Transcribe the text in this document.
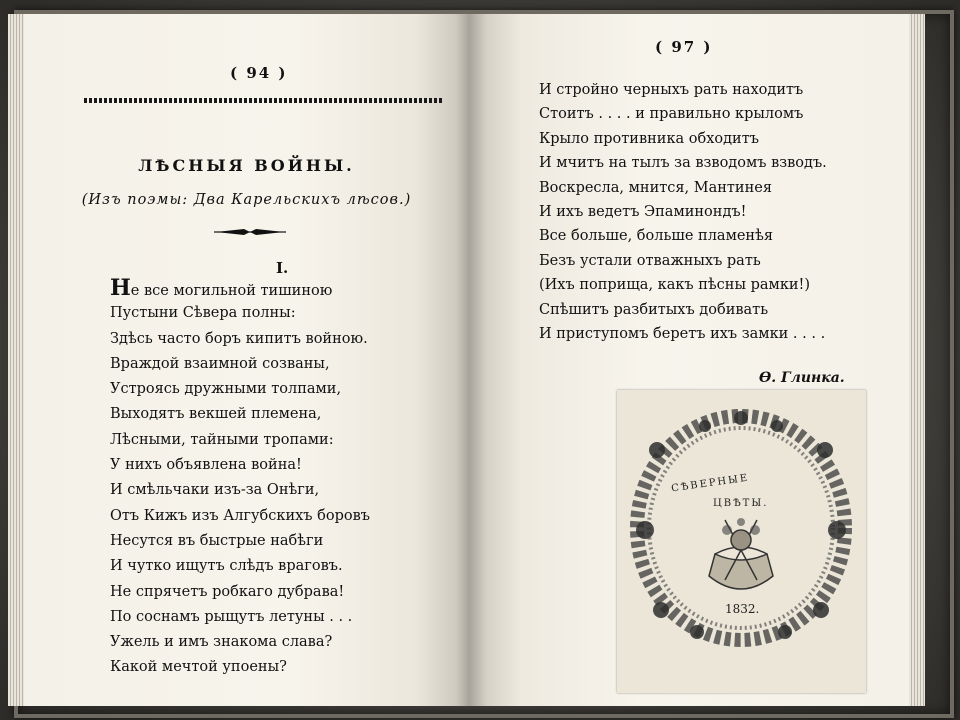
( 94 )
ЛѢСНЫЯ ВОЙНЫ.
(Изъ поэмы: Два Карельскихъ лѣсов.)
I.
Не все могильной тишиною
Пустыни Сѣвера полны:
Здѣсь часто боръ кипитъ войною.
Враждой взаимной созваны,
Устроясь дружными толпами,
Выходятъ векшей племена,
Лѣсными, тайными тропами:
У нихъ объявлена война!
И смѣльчаки изъ-за Онѣги,
Отъ Кижъ изъ Алгубскихъ боровъ
Несутся въ быстрые набѣги
И чутко ищутъ слѣдъ враговъ.
Не спрячетъ робкаго дубрава!
По соснамъ рыщутъ летуны . . .
Ужель и имъ знакома слава?
Какой мечтой упоены?
( 97 )
И стройно черныхъ рать находитъ
Стоитъ . . . . и правильно крыломъ
Крыло противника обходитъ
И мчитъ на тылъ за взводомъ взводъ.
Воскресла, мнится, Мантинея
И ихъ ведетъ Эпаминондъ!
Все больше, больше пламенѣя
Безъ устали отважныхъ рать
(Ихъ поприща, какъ пѣсны рамки!)
Спѣшитъ разбитыхъ добивать
И приступомъ беретъ ихъ замки . . . .
Ѳ. Глинка.
СѢВЕРНЫЕ
ЦВѢТЫ.
1832.
